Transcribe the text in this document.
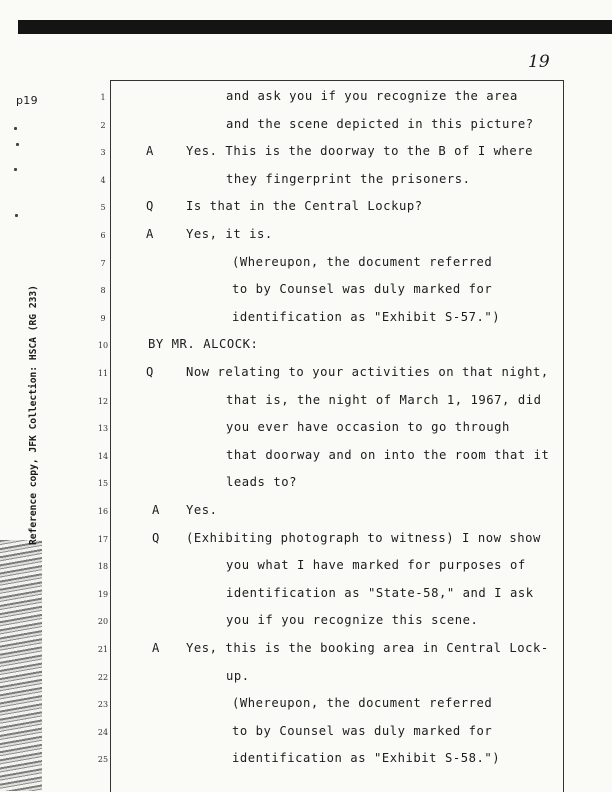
p19
Reference copy, JFK Collection: HSCA (RG 233)
19
1	and ask you if you recognize the area
2	and the scene depicted in this picture?
3	A	Yes. This is the doorway to the B of I where
4	they fingerprint the prisoners.
5	Q	Is that in the Central Lockup?
6	A	Yes, it is.
7	(Whereupon, the document referred
8	to by Counsel was duly marked for
9	identification as "Exhibit S-57.")
10	BY MR. ALCOCK:
11	Q	Now relating to your activities on that night,
12	that is, the night of March 1, 1967, did
13	you ever have occasion to go through
14	that doorway and on into the room that it
15	leads to?
16	A Yes.
17	Q (Exhibiting photograph to witness) I now show
18	you what I have marked for purposes of
19	identification as "State-58," and I ask
20	you if you recognize this scene.
21	A Yes, this is the booking area in Central Lock-
22	up.
23	(Whereupon, the document referred
24	to by Counsel was duly marked for
25	identification as "Exhibit S-58.")
